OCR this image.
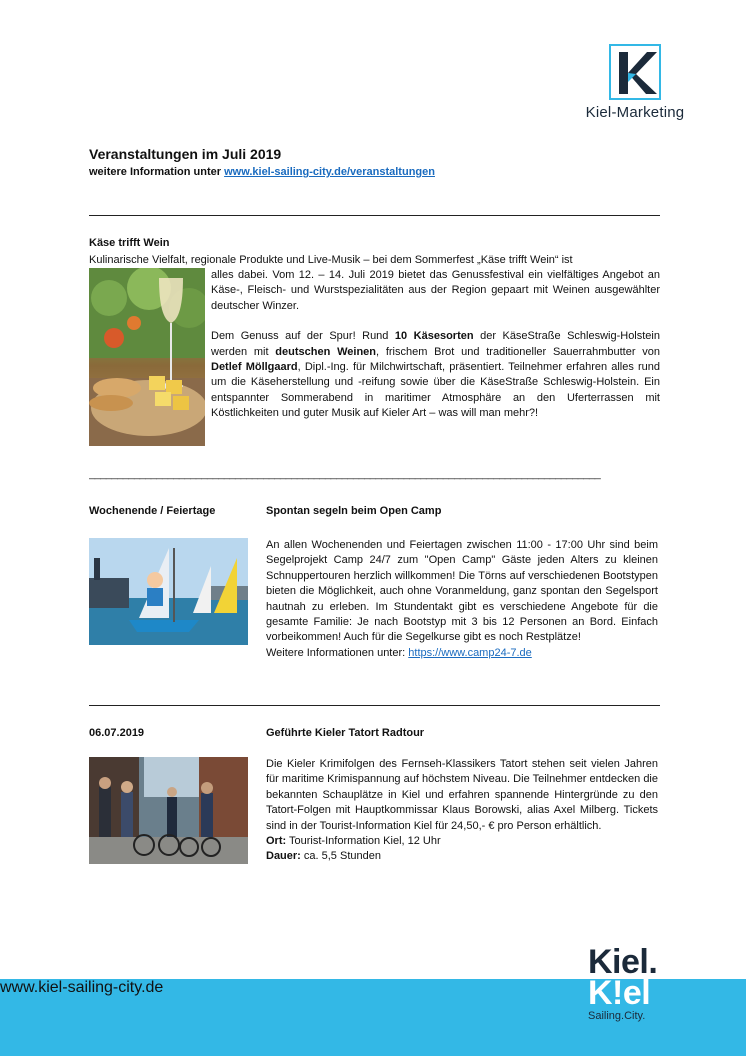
Kiel-Marketing
Veranstaltungen im Juli 2019
weitere Information unter www.kiel-sailing-city.de/veranstaltungen
Käse trifft Wein
Kulinarische Vielfalt, regionale Produkte und Live-Musik – bei dem Sommerfest „Käse trifft Wein“ ist

alles dabei. Vom 12. – 14. Juli 2019 bietet das Genussfestival ein vielfältiges Angebot an Käse-, Fleisch- und Wurstspezialitäten aus der Region gepaart mit Weinen ausgewählter deutscher Winzer.

Dem Genuss auf der Spur! Rund 10 Käsesorten der KäseStraße Schleswig-Holstein werden mit deutschen Weinen, frischem Brot und traditioneller Sauerrahmbutter von Detlef Möllgaard, Dipl.-Ing. für Milchwirtschaft, präsentiert. Teilnehmer erfahren alles rund um die Käseherstellung und -reifung sowie über die KäseStraße Schleswig-Holstein. Ein entspannter Sommerabend in maritimer Atmosphäre an den Uferterrassen mit Köstlichkeiten und guter Musik auf Kieler Art – was will man mehr?!

___________________________________________________________________________________________
Wochenende / Feiertage	Spontan segeln beim Open Camp

An allen Wochenenden und Feiertagen zwischen 11:00 - 17:00 Uhr sind beim Segelprojekt Camp 24/7 zum "Open Camp" Gäste jeden Alters zu kleinen Schnuppertouren herzlich willkommen! Die Törns auf verschiedenen Bootstypen bieten die Möglichkeit, auch ohne Voranmeldung, ganz spontan den Segelsport hautnah zu erleben. Im Stundentakt gibt es verschiedene Angebote für die gesamte Familie: Je nach Bootstyp mit 3 bis 12 Personen an Bord. Einfach vorbeikommen! Auch für die Segelkurse gibt es noch Restplätze!

Weitere Informationen unter: https://www.camp24-7.de

06.07.2019	Geführte Kieler Tatort Radtour

Die Kieler Krimifolgen des Fernseh-Klassikers Tatort stehen seit vielen Jahren für maritime Krimispannung auf höchstem Niveau. Die Teilnehmer entdecken die bekannten Schauplätze in Kiel und erfahren spannende Hintergründe zu den Tatort-Folgen mit Hauptkommissar Klaus Borowski, alias Axel Milberg. Tickets sind in der Tourist-Information Kiel für 24,50,- € pro Person erhältlich.

Ort: Tourist-Information Kiel, 12 Uhr

Dauer: ca. 5,5 Stunden

www.kiel-sailing-city.de
Kiel.
K!el
Sailing.City.
